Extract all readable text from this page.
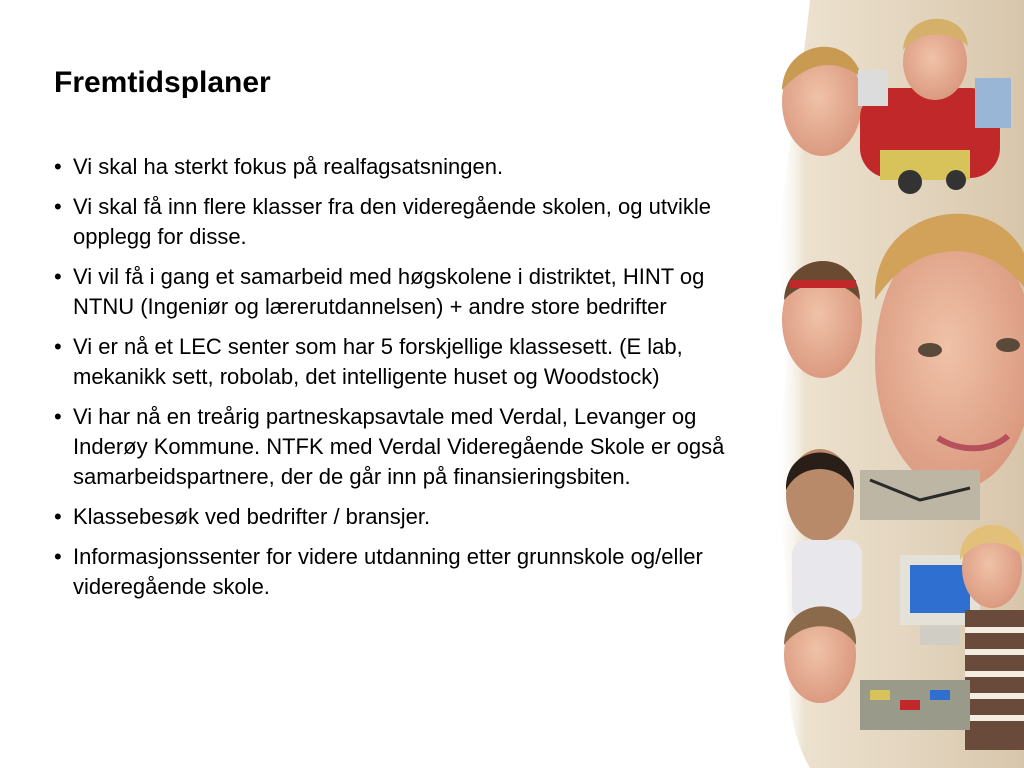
Fremtidsplaner
• Vi skal ha sterkt fokus på realfagsatsningen.
• Vi skal få inn flere klasser fra den videregående skolen, og utvikle opplegg for disse.
• Vi vil få i gang et samarbeid med høgskolene i distriktet, HINT og NTNU (Ingeniør og lærerutdannelsen) + andre store bedrifter
• Vi er nå et LEC senter som har 5 forskjellige klassesett. (E lab, mekanikk sett, robolab, det intelligente huset og Woodstock)
• Vi har nå en treårig partneskapsavtale med Verdal, Levanger og Inderøy Kommune. NTFK med Verdal Videregående Skole er også samarbeidspartnere, der de går inn på finansieringsbiten.
• Klassebesøk ved bedrifter / bransjer.
• Informasjonssenter for videre utdanning etter grunnskole og/eller videregående skole.
